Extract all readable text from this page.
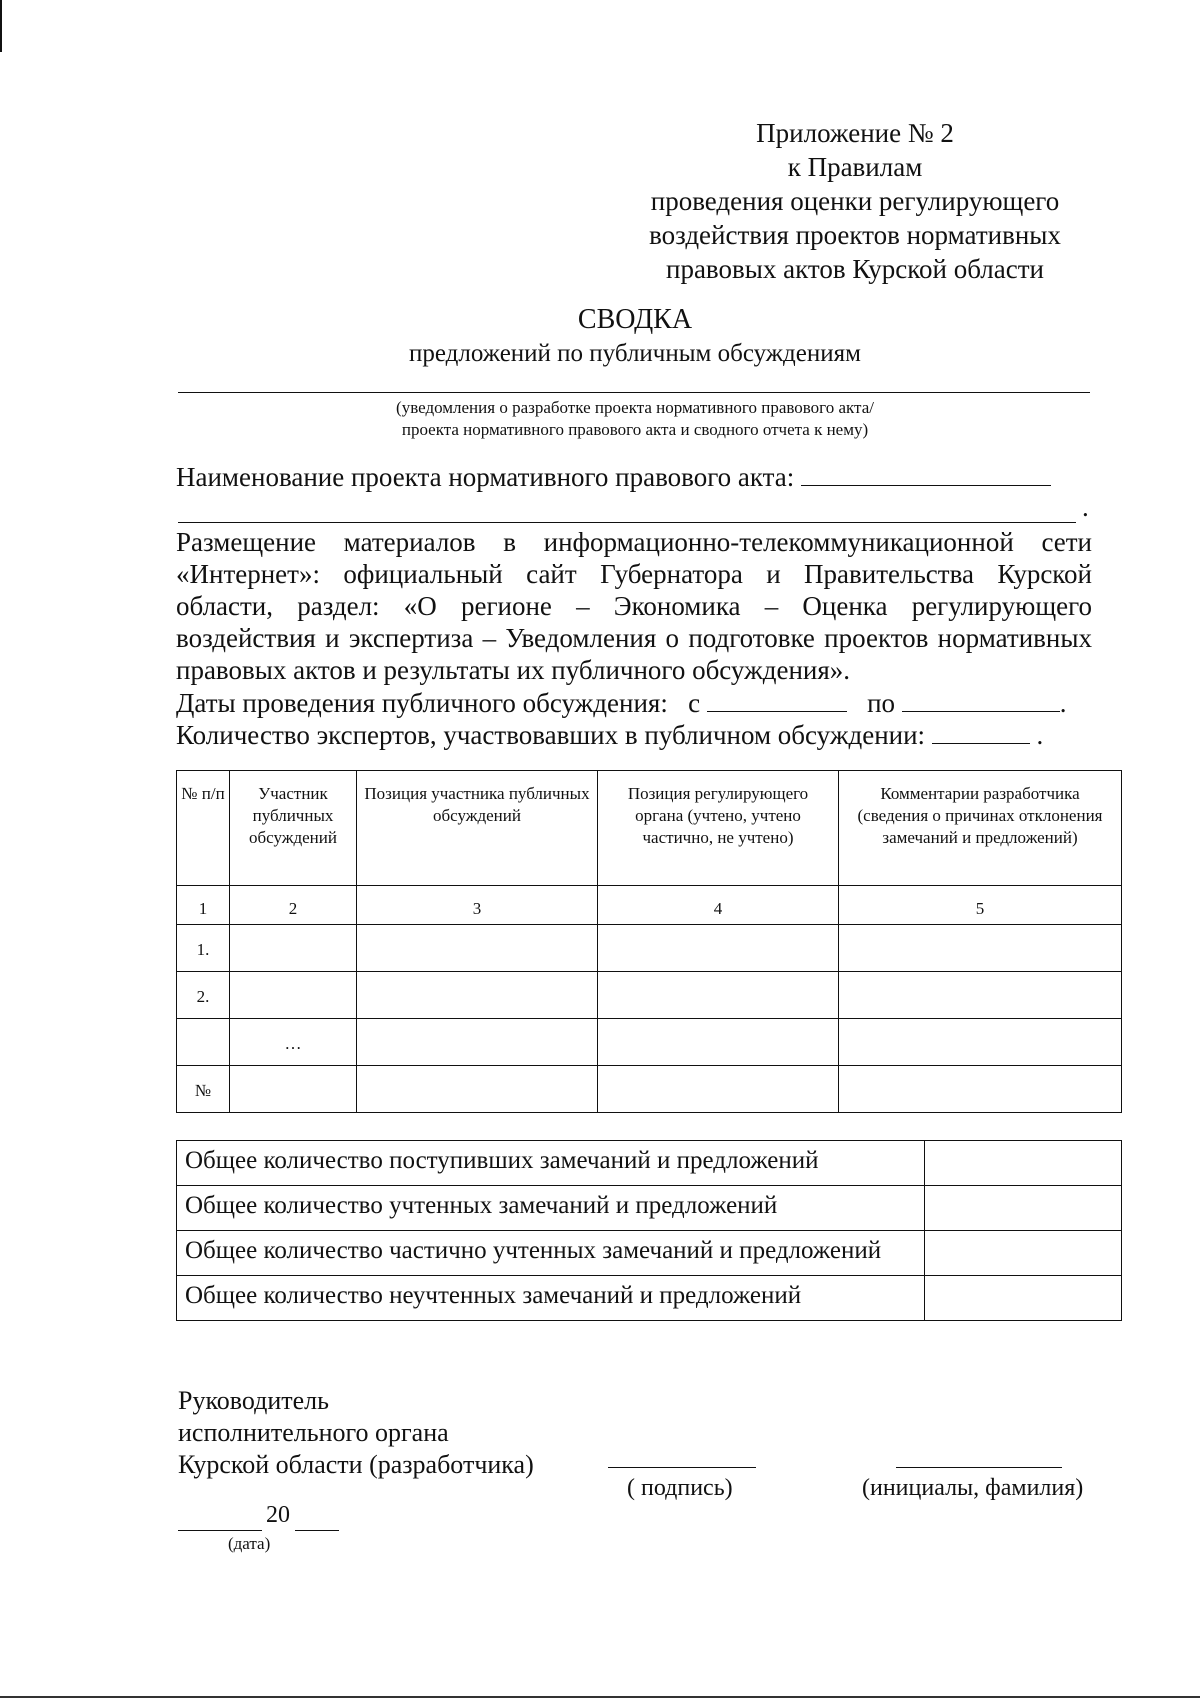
Приложение № 2
к Правилам
проведения оценки регулирующего
воздействия проектов нормативных
правовых актов Курской области
СВОДКА
предложений по публичным обсуждениям
(уведомления о разработке проекта нормативного правового акта/
проекта нормативного правового акта и сводного отчета к нему)
Наименование проекта нормативного правового акта:
.
Размещение материалов в информационно-телекоммуникационной сети «Интернет»: официальный сайт Губернатора и Правительства Курской области, раздел: «О регионе – Экономика – Оценка регулирующего воздействия и экспертиза – Уведомления о подготовке проектов нормативных правовых актов и результаты их публичного обсуждения».
Даты проведения публичного обсуждения: с	по	.
Количество экспертов, участвовавших в публичном обсуждении:	.
№ п/п	Участник публичных обсуждений	Позиция участника публичных обсуждений	Позиция регулирующего органа (учтено, учтено частично, не учтено)	Комментарии разработчика (сведения о причинах отклонения замечаний и предложений)
1	2	3	4	5
1.				
2.				
	…			
№				
Общее количество поступивших замечаний и предложений	
Общее количество учтенных замечаний и предложений	
Общее количество частично учтенных замечаний и предложений	
Общее количество неучтенных замечаний и предложений	
Руководитель
исполнительного органа
Курской области (разработчика)
( подпись)	(инициалы, фамилия)
20
(дата)
